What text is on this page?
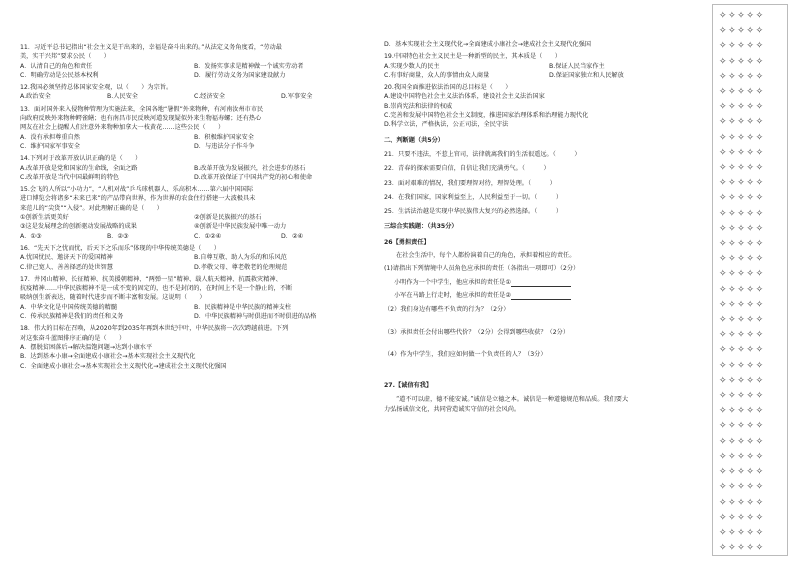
11．习近平总书记指出“社会主义是干出来的，幸福是奋斗出来的。”从法定义务角度看，“劳动最

美，实干兴邦”要求公民（　　）

A．认清自己的角色和责任	B．发扬实事求是精神做一个诚实劳动者
C．明确劳动是公民基本权利	D．履行劳动义务为国家建设献力

12.我国必须坚持总体国家安全观，以（　　）为宗旨。

A.政治安全	B.人民安全	C.经济安全	D.军事安全

13．面对国外来入侵物种管理为实施法来，全国各地“暑假”外来物种，有河南汝州市市民

向政府反映外来物种鳄雀鳝；也有南昌市民反映河道发现疑似外来生物福寿螺；还有热心

网友在社会上提醒人们注意外来物种加拿大一枝黄花……这些公民（　　）

A．没有承担尊重自然	B．积极维护国家安全
C．维护国家军事安全	D．与违法分子作斗争

14.下列对于改革开放认识正确的是（　　）

A.改革开放是党和国家的生命线，全面之路	B.改革开放为发展振兴，社会进步的基石
C.改革开放是当代中国最鲜明的特色	D.改革开放保证了中国共产党的初心和使命

15.会飞的人所以“小功力”，“人机对战”乒乓球机器人、乐高积木……第六届中国国际

进口博览会将诸多“未来已来”的产品带向世界，作为世界的农食住行搭建一大波极具未

来范儿的“尖货”“入侵”。对此理解正确的是（　　）

①创新生活更美好	②创新是民族振兴的基石
③这是发展理念的创新驱动发展战略的成果	④创新是中华民族发展中唯一动力
A．①③	B．②③	C．①②④	D．②④

16．“先天下之忧而忧，后天下之乐而乐”体现的中华传统美德是（　　）

A.忧国忧民、邀济天下的爱国精神	B.自尊互敬、助人为乐的和乐风范
C.律己宽人、善善择恶的处世智慧	D.孝敬父母、尊老敬老的伦理规范

17．井冈山精神、长征精神、抗美援朝精神、“两弹一星”精神、载人航天精神、抗震救灾精神、

抗疫精神……中华民族精神不是一成不变的固定的，也不是封闭的，在时间上不是一个静止的，不断

吸纳创生新表达，随着时代进步而不断丰富和发展。这说明（　　）

A．中华文化是中国传统美德的精髓	B．民族精神是中华民族的精神支柱
C．传承民族精神是我们的责任和义务	D．中华民族精神与时俱进而不时俱进的品格

18．伟大的目标在召唤，从2020年到2035年再到本世纪中叶，中华民族将一次次跨越前进。下列

对这张奋斗蓝图排序正确的是（　　）

A．摆脱贫困落后→解决温饱问题→达到小康水平

B．达到基本小康→全面建成小康社会→基本实现社会主义现代化

C．全面建成小康社会→基本实现社会主义现代化→建成社会主义现代化强国

D．基本实现社会主义现代化→全面建成小康社会→建成社会主义现代化强国

19.中国特色社会主义民主是一种新型的民主，其本质是（　　）

A.实现少数人的民主	B.保证人民当家作主
C.有事好商量，众人的事情由众人商量	D.保证国家独立和人民解放

20.我国全面推进依法治国的总目标是（　　）

A.建设中国特色社会主义法治体系，建设社会主义法治国家

B.崇尚宪法和法律的权威

C.完善和发展中国特色社会主义制度，推进国家治理体系和治理能力现代化

D.科学立法，严格执法，公正司法，全民守法

二、判断题（共5分）

21．只要不违法，不惹上官司，法律就离我们的生活很遥远。（　　　）

22．青春的探索需要自信，自信让我们充满勇气。（　　　）

23．面对艰难的情况，我们要理智对待，理智处理。（　　　）

24．在我们国家，国家利益至上，人民利益至于一切。（　　　）

25．生活法治越是实现中华民族伟大复兴的必然选择。（　　　）

三综合实践题：（共35分）

26【勇担责任】

在社会生活中，每个人都扮演着自己的角色，承担着相应的责任。

(1)请指出下列情境中人员角色应承担的责任（各指出一项即可）（2分）

小明作为一个中学生，他应承担的责任是①

小军在马路上行走时，他应承担的责任是②

（2）我们身边有哪些不负责的行为？（2分）

（3）承担责任会付出哪些代价？（2分）会得到哪些收获？（2分）

（4）作为中学生，我们应如何做一个负责任的人？（3分）

27.【诚信有我】

“道不可以虚，德不能安诚。”诚信是立德之本。诚信是一种道德规范和品质。我们要大

力弘扬诚信文化，共同营造诚实守信的社会风尚。

✧✧✧✧✧
✧✧✧✧✧
✧✧✧✧✧
✧✧✧✧✧
✧✧✧✧✧
✧✧✧✧✧
✧✧✧✧✧
✧✧✧✧✧
✧✧✧✧✧
✧✧✧✧✧
✧✧✧✧✧
✧✧✧✧✧
✧✧✧✧✧
✧✧✧✧✧
✧✧✧✧✧
✧✧✧✧✧
✧✧✧✧✧
✧✧✧✧✧
✧✧✧✧✧
✧✧✧✧✧
✧✧✧✧✧
✧✧✧✧✧
✧✧✧✧✧
✧✧✧✧✧
✧✧✧✧✧
✧✧✧✧✧
✧✧✧✧✧
✧✧✧✧✧
✧✧✧✧✧
✧✧✧✧✧
✧✧✧✧✧
✧✧✧✧✧
✧✧✧✧✧
✧✧✧✧✧
✧✧✧✧✧
✧✧✧✧✧
